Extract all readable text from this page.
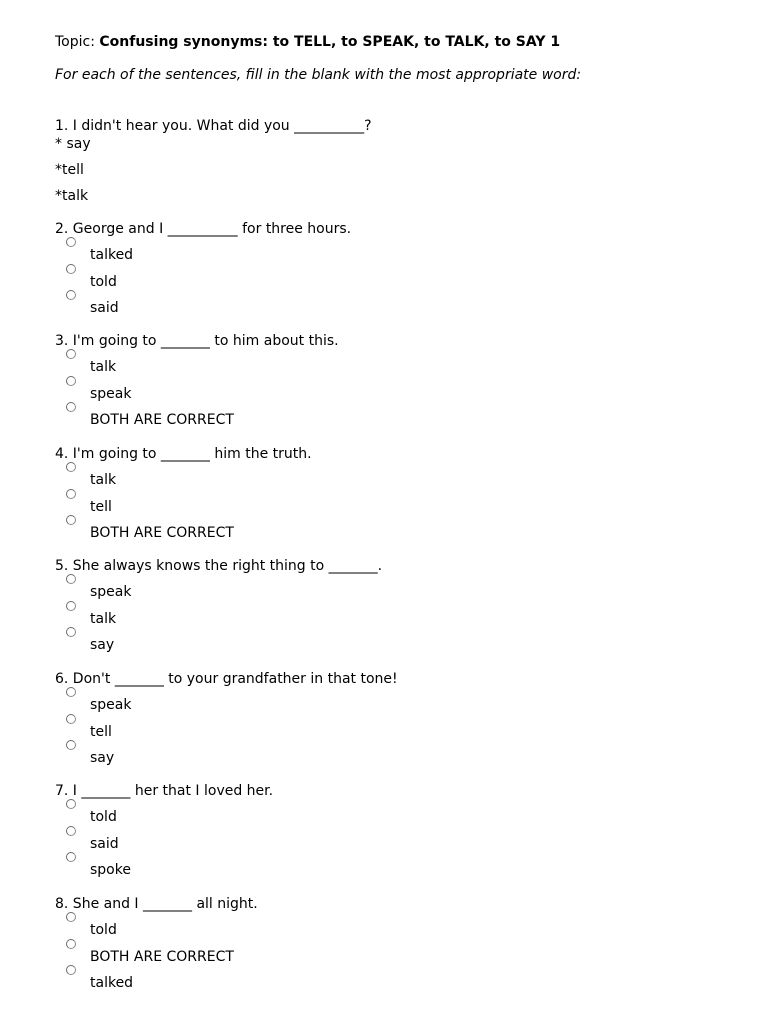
Topic: Confusing synonyms: to TELL, to SPEAK, to TALK, to SAY 1
For each of the sentences, fill in the blank with the most appropriate word:
1. I didn't hear you. What did you __________?
* say
*tell
*talk
2. George and I __________ for three hours.
talked
told
said
3. I'm going to _______ to him about this.
talk
speak
BOTH ARE CORRECT
4. I'm going to _______ him the truth.
talk
tell
BOTH ARE CORRECT
5. She always knows the right thing to _______.
speak
talk
say
6. Don't _______ to your grandfather in that tone!
speak
tell
say
7. I _______ her that I loved her.
told
said
spoke
8. She and I _______ all night.
told
BOTH ARE CORRECT
talked
